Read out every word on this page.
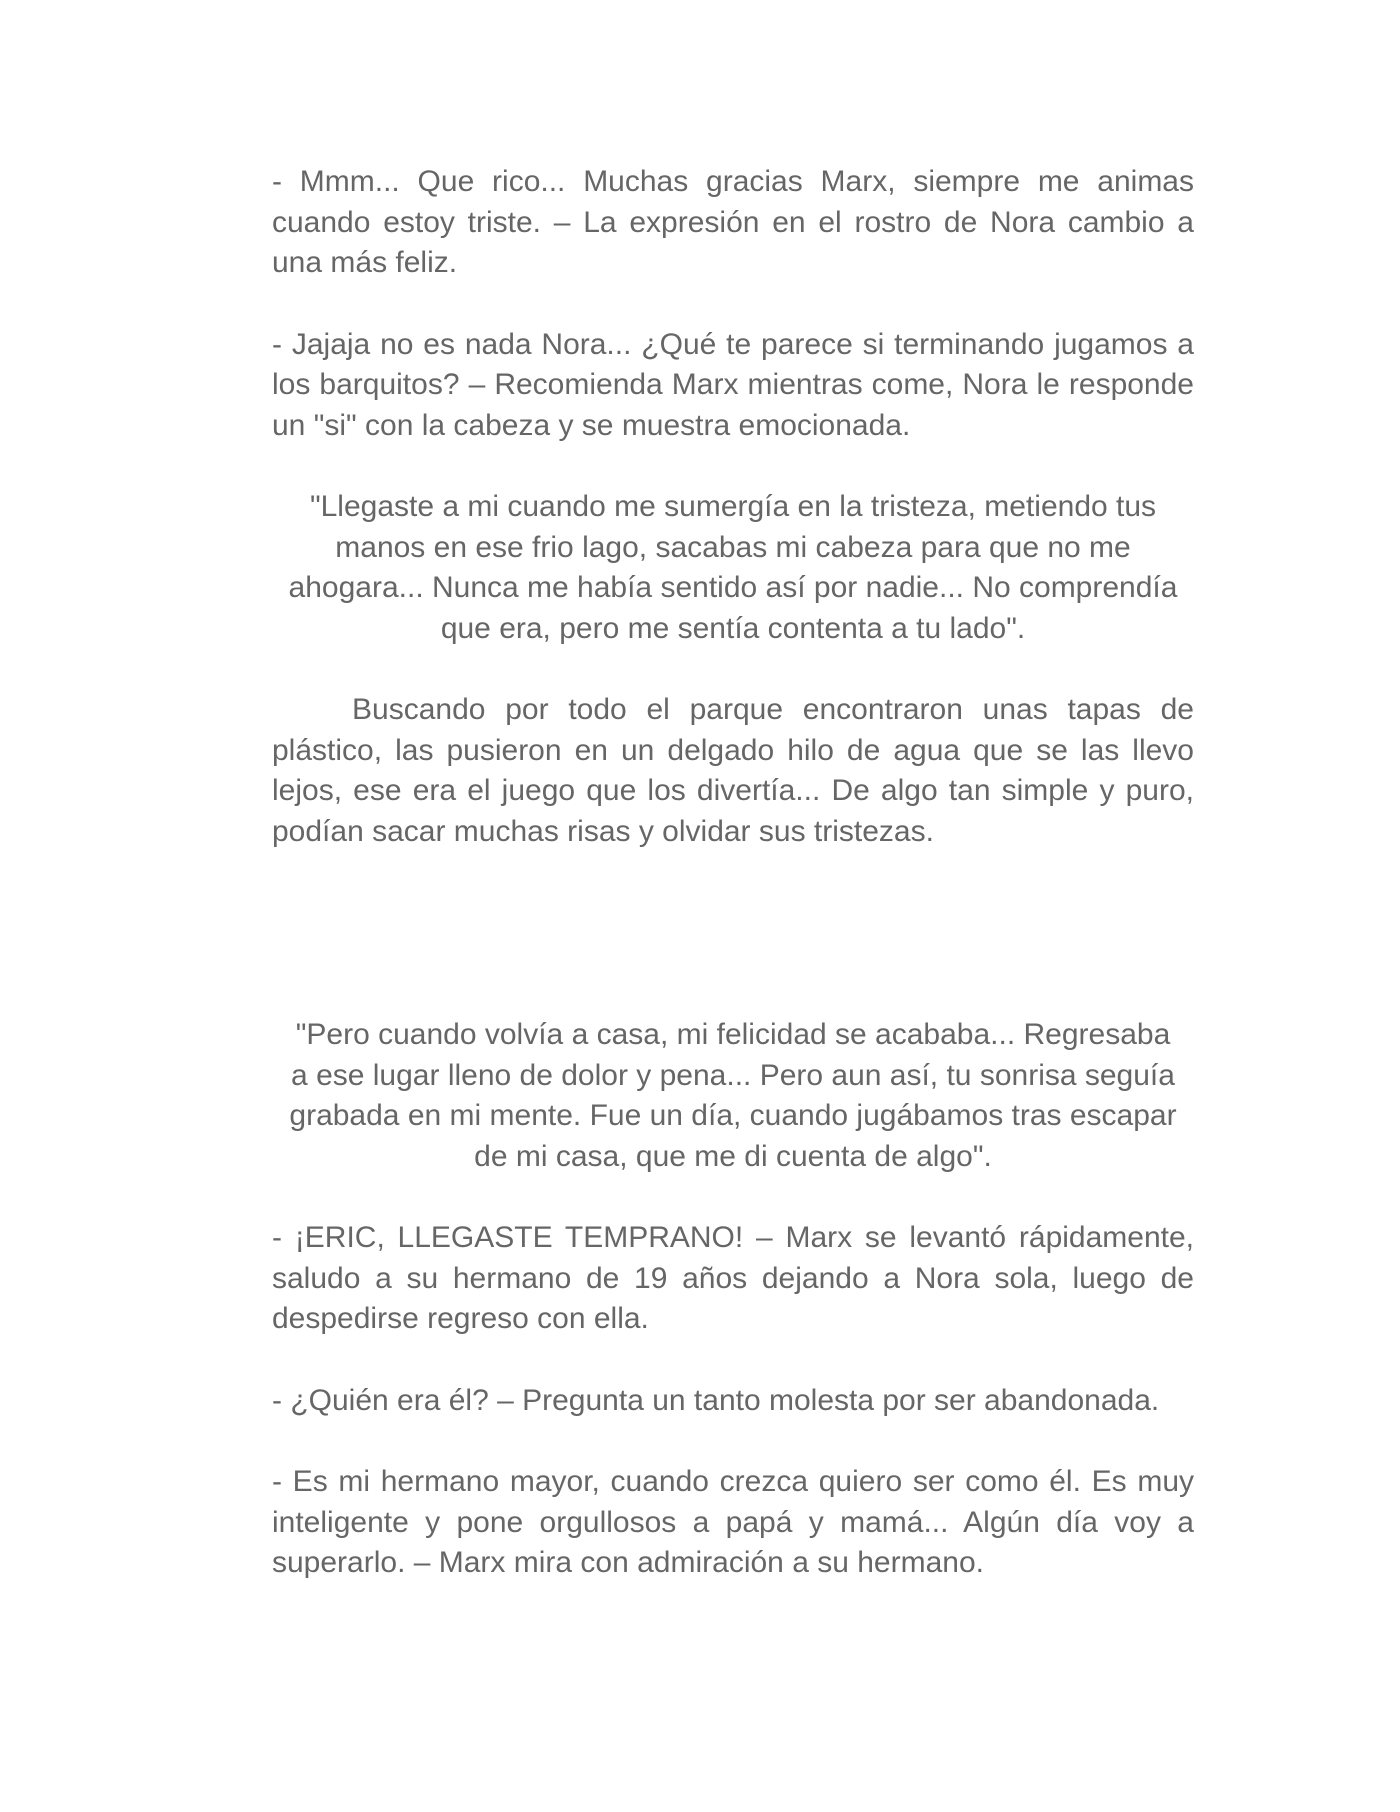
- Mmm... Que rico... Muchas gracias Marx, siempre me animas cuando estoy triste. – La expresión en el rostro de Nora cambio a una más feliz.

- Jajaja no es nada Nora... ¿Qué te parece si terminando jugamos a los barquitos? – Recomienda Marx mientras come, Nora le responde un "si" con la cabeza y se muestra emocionada.

"Llegaste a mi cuando me sumergía en la tristeza, metiendo tus manos en ese frio lago, sacabas mi cabeza para que no me ahogara... Nunca me había sentido así por nadie... No comprendía que era, pero me sentía contenta a tu lado".

Buscando por todo el parque encontraron unas tapas de plástico, las pusieron en un delgado hilo de agua que se las llevo lejos, ese era el juego que los divertía... De algo tan simple y puro, podían sacar muchas risas y olvidar sus tristezas.

"Pero cuando volvía a casa, mi felicidad se acababa... Regresaba a ese lugar lleno de dolor y pena... Pero aun así, tu sonrisa seguía grabada en mi mente. Fue un día, cuando jugábamos tras escapar de mi casa, que me di cuenta de algo".

- ¡ERIC, LLEGASTE TEMPRANO! – Marx se levantó rápidamente, saludo a su hermano de 19 años dejando a Nora sola, luego de despedirse regreso con ella.

- ¿Quién era él? – Pregunta un tanto molesta por ser abandonada.

- Es mi hermano mayor, cuando crezca quiero ser como él. Es muy inteligente y pone orgullosos a papá y mamá... Algún día voy a superarlo. – Marx mira con admiración a su hermano.
